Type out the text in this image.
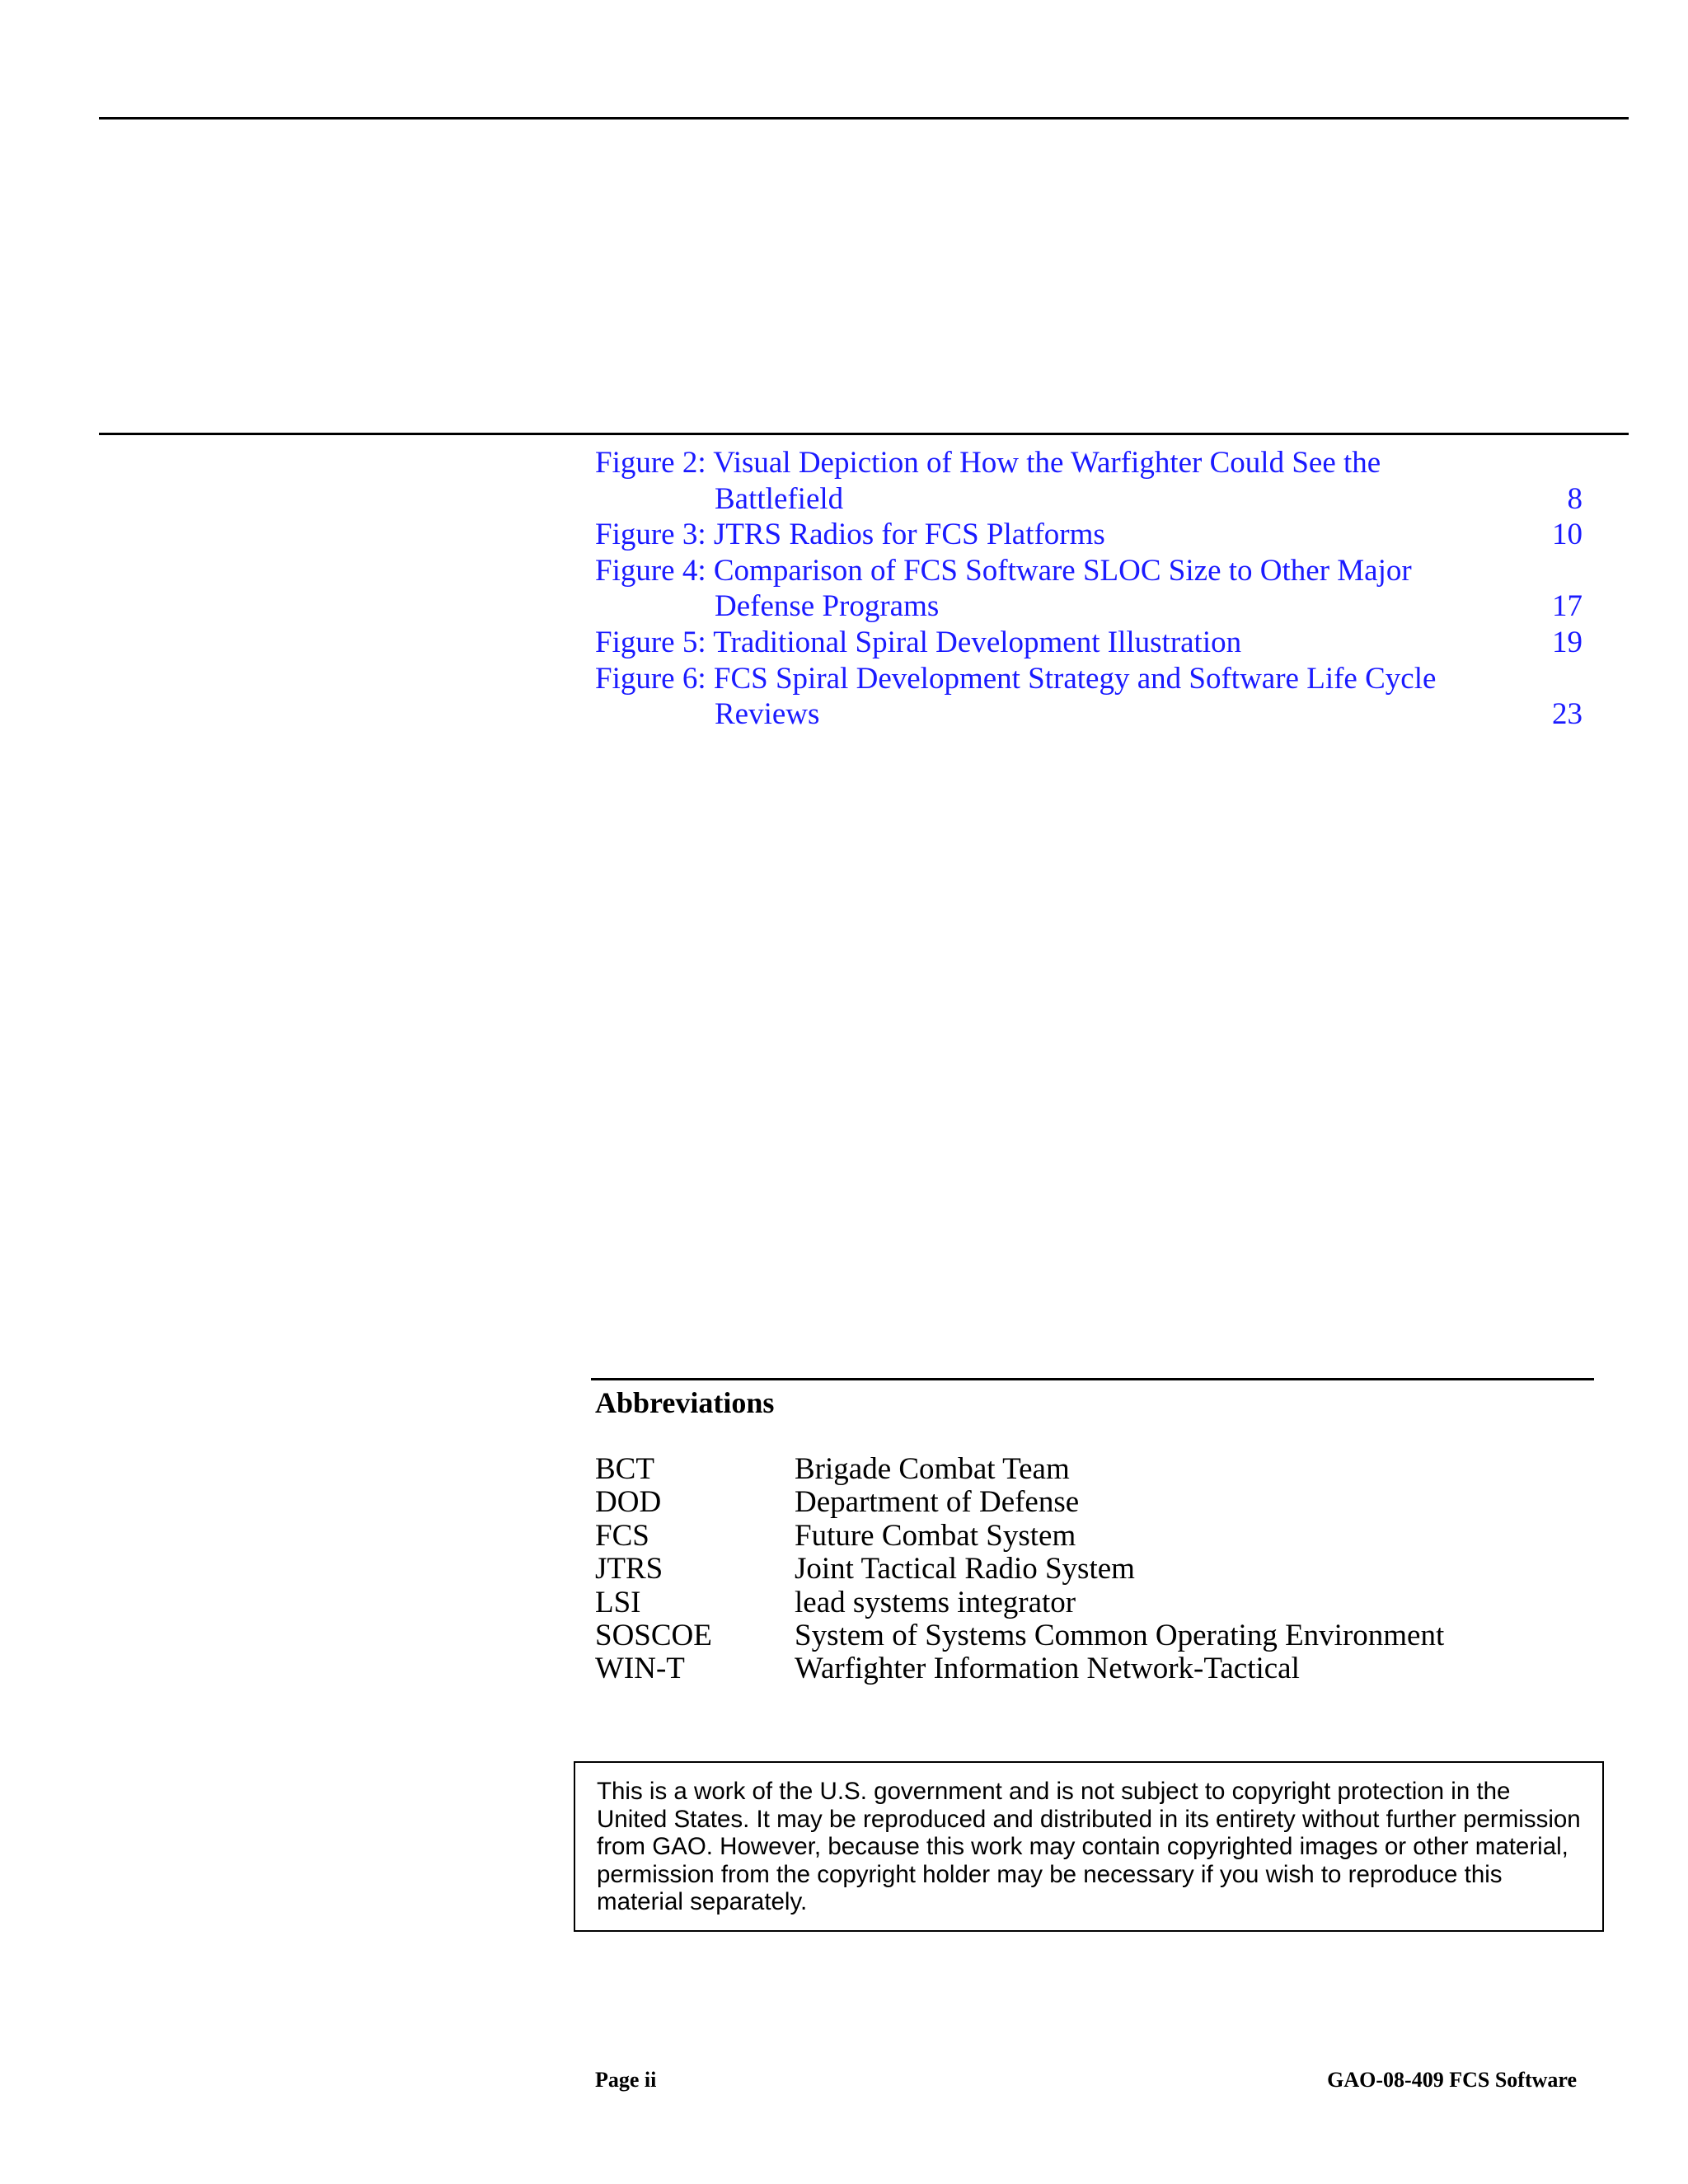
Figure 2: Visual Depiction of How the Warfighter Could See the Battlefield	8
Figure 3: JTRS Radios for FCS Platforms	10
Figure 4: Comparison of FCS Software SLOC Size to Other Major Defense Programs	17
Figure 5: Traditional Spiral Development Illustration	19
Figure 6: FCS Spiral Development Strategy and Software Life Cycle Reviews	23
Abbreviations
BCT	Brigade Combat Team
DOD	Department of Defense
FCS	Future Combat System
JTRS	Joint Tactical Radio System
LSI	lead systems integrator
SOSCOE	System of Systems Common Operating Environment
WIN-T	Warfighter Information Network-Tactical
This is a work of the U.S. government and is not subject to copyright protection in the United States. It may be reproduced and distributed in its entirety without further permission from GAO. However, because this work may contain copyrighted images or other material, permission from the copyright holder may be necessary if you wish to reproduce this material separately.
Page ii	GAO-08-409 FCS Software
